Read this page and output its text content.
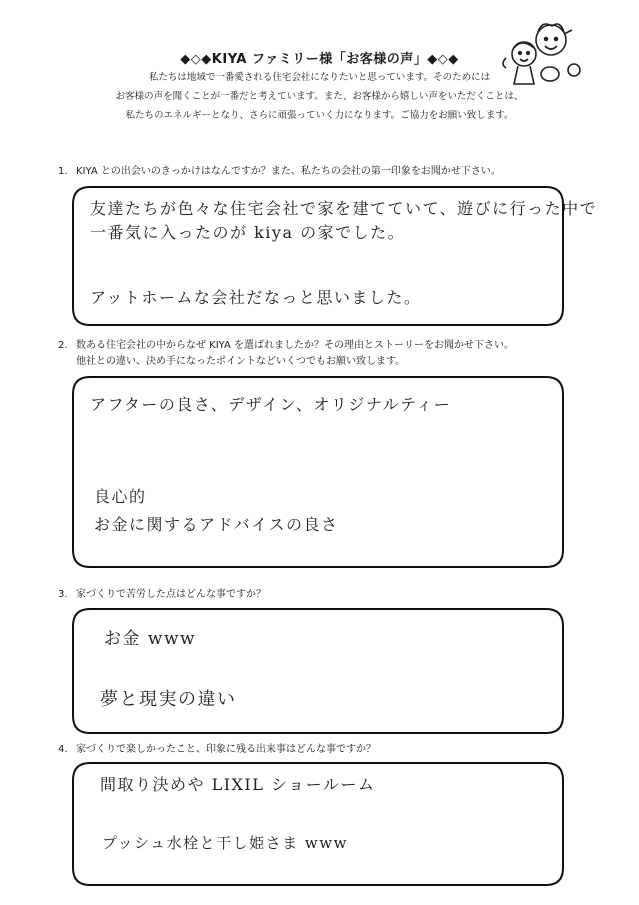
◆◇◆KIYA ファミリー様「お客様の声」◆◇◆
私たちは地域で一番愛される住宅会社になりたいと思っています。そのためには
お客様の声を聞くことが一番だと考えています。また、お客様から嬉しい声をいただくことは、
私たちのエネルギーとなり、さらに頑張っていく力になります。ご協力をお願い致します。
1. KIYA との出会いのきっかけはなんですか？また、私たちの会社の第一印象をお聞かせ下さい。
友達たちが色々な住宅会社で家を建てていて、遊びに行った中で
一番気に入ったのが kiya の家でした。
アットホームな会社だなっと思いました。
2. 数ある住宅会社の中からなぜ KIYA を選ばれましたか？その理由とストーリーをお聞かせ下さい。
他社との違い、決め手になったポイントなどいくつでもお願い致します。
アフターの良さ、デザイン、オリジナルティー
良心的
お金に関するアドバイスの良さ
3. 家づくりで苦労した点はどんな事ですか？
お金 www
夢と現実の違い
4. 家づくりで楽しかったこと、印象に残る出来事はどんな事ですか？
間取り決めや LIXIL ショールーム
プッシュ水栓と干し姫さま www
